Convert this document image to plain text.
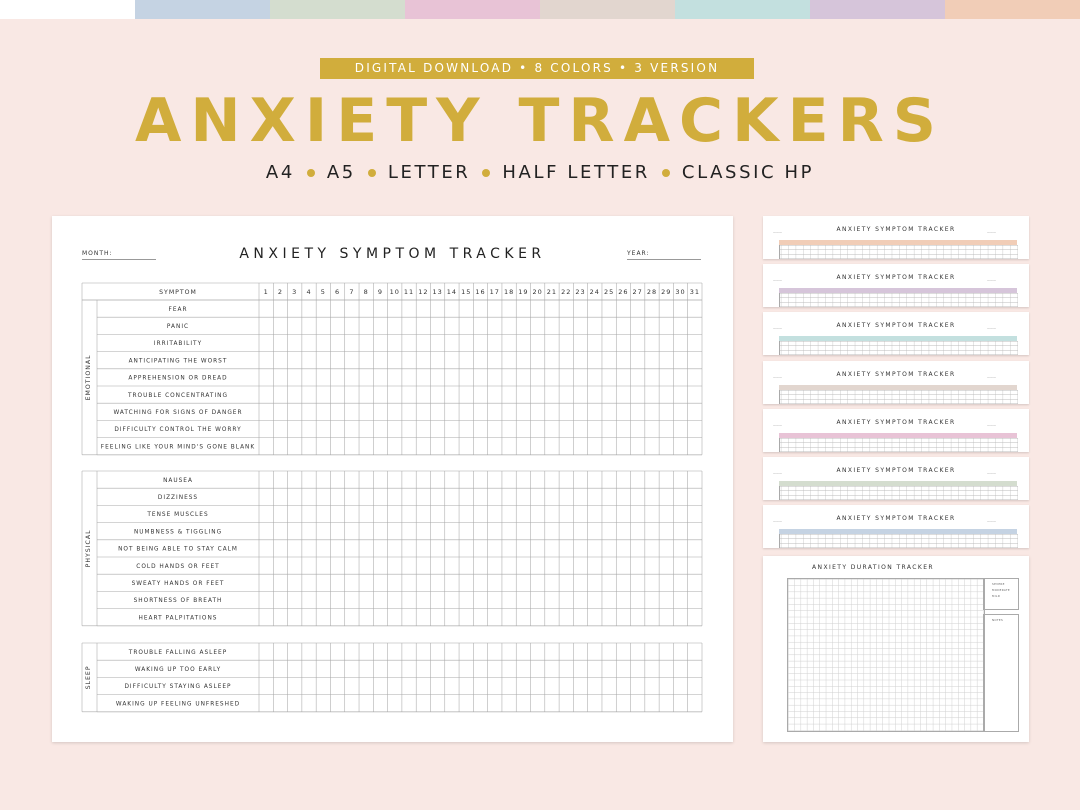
DIGITAL DOWNLOAD • 8 COLORS • 3 VERSION
ANXIETY TRACKERS
A4 A5 LETTER HALF LETTER CLASSIC HP
MONTH:	ANXIETY SYMPTOM TRACKER	YEAR:
SYMPTOM	1 2 3 4 5 6 7 8 9 10 11 12 13 14 15 16 17 18 19 20 21 22 23 24 25 26 27 28 29 30 31
FEAR
PANIC
IRRITABILITY
ANTICIPATING THE WORST
APPREHENSION OR DREAD
TROUBLE CONCENTRATING
WATCHING FOR SIGNS OF DANGER
DIFFICULTY CONTROL THE WORRY
FEELING LIKE YOUR MIND'S GONE BLANK
EMOTIONAL
NAUSEA
DIZZINESS
TENSE MUSCLES
NUMBNESS & TIGGLING
NOT BEING ABLE TO STAY CALM
COLD HANDS OR FEET
SWEATY HANDS OR FEET
SHORTNESS OF BREATH
HEART PALPITATIONS
PHYSICAL
TROUBLE FALLING ASLEEP
WAKING UP TOO EARLY
DIFFICULTY STAYING ASLEEP
WAKING UP FEELING UNFRESHED
SLEEP
———	ANXIETY SYMPTOM TRACKER	———
———	ANXIETY SYMPTOM TRACKER	———
———	ANXIETY SYMPTOM TRACKER	———
———	ANXIETY SYMPTOM TRACKER	———
———	ANXIETY SYMPTOM TRACKER	———
———	ANXIETY SYMPTOM TRACKER	———
———	ANXIETY SYMPTOM TRACKER	———
ANXIETY DURATION TRACKER
SEVERE
MODERATE
MILD
NOTES
